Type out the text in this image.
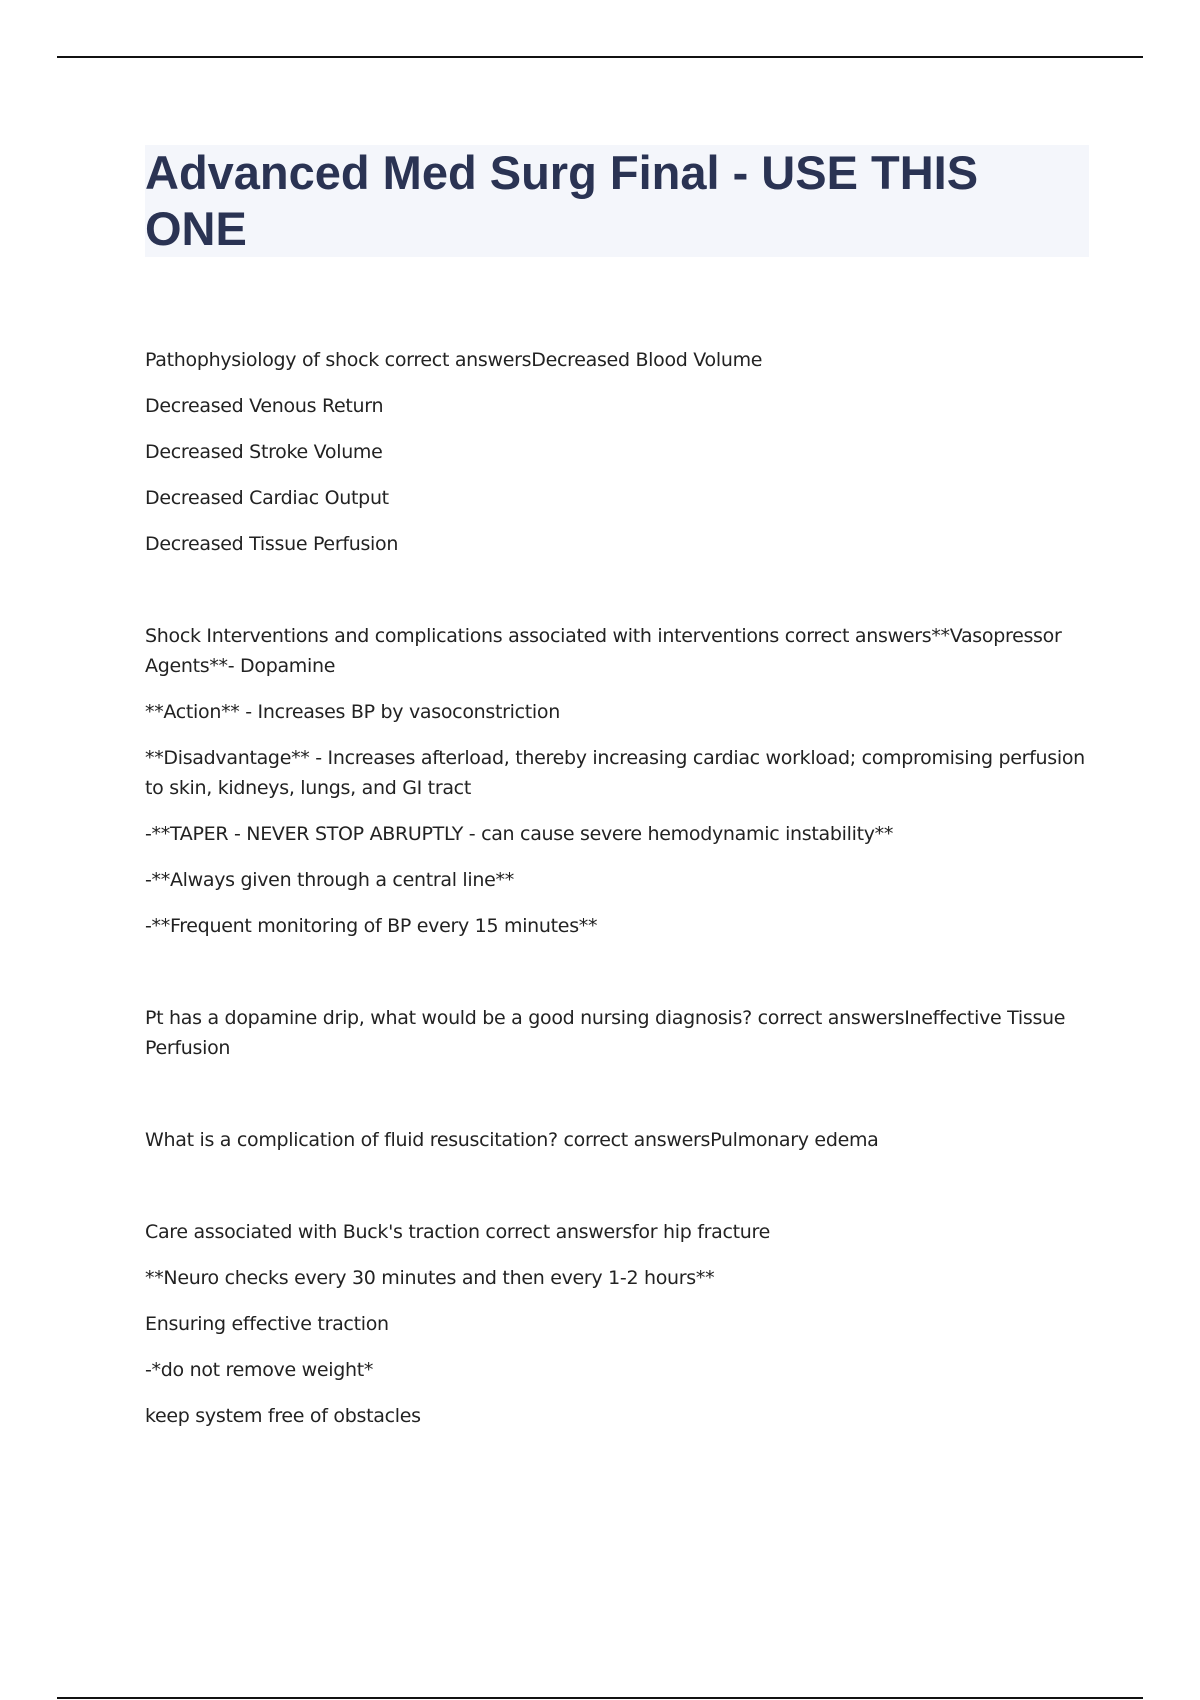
Advanced Med Surg Final - USE THIS ONE

Pathophysiology of shock correct answersDecreased Blood Volume

Decreased Venous Return

Decreased Stroke Volume

Decreased Cardiac Output

Decreased Tissue Perfusion

Shock Interventions and complications associated with interventions correct answers**Vasopressor Agents**- Dopamine

**Action** - Increases BP by vasoconstriction

**Disadvantage** - Increases afterload, thereby increasing cardiac workload; compromising perfusion to skin, kidneys, lungs, and GI tract

-**TAPER - NEVER STOP ABRUPTLY - can cause severe hemodynamic instability**

-**Always given through a central line**

-**Frequent monitoring of BP every 15 minutes**

Pt has a dopamine drip, what would be a good nursing diagnosis? correct answersIneffective Tissue Perfusion

What is a complication of fluid resuscitation? correct answersPulmonary edema

Care associated with Buck's traction correct answersfor hip fracture

**Neuro checks every 30 minutes and then every 1-2 hours**

Ensuring effective traction

-*do not remove weight*

keep system free of obstacles
